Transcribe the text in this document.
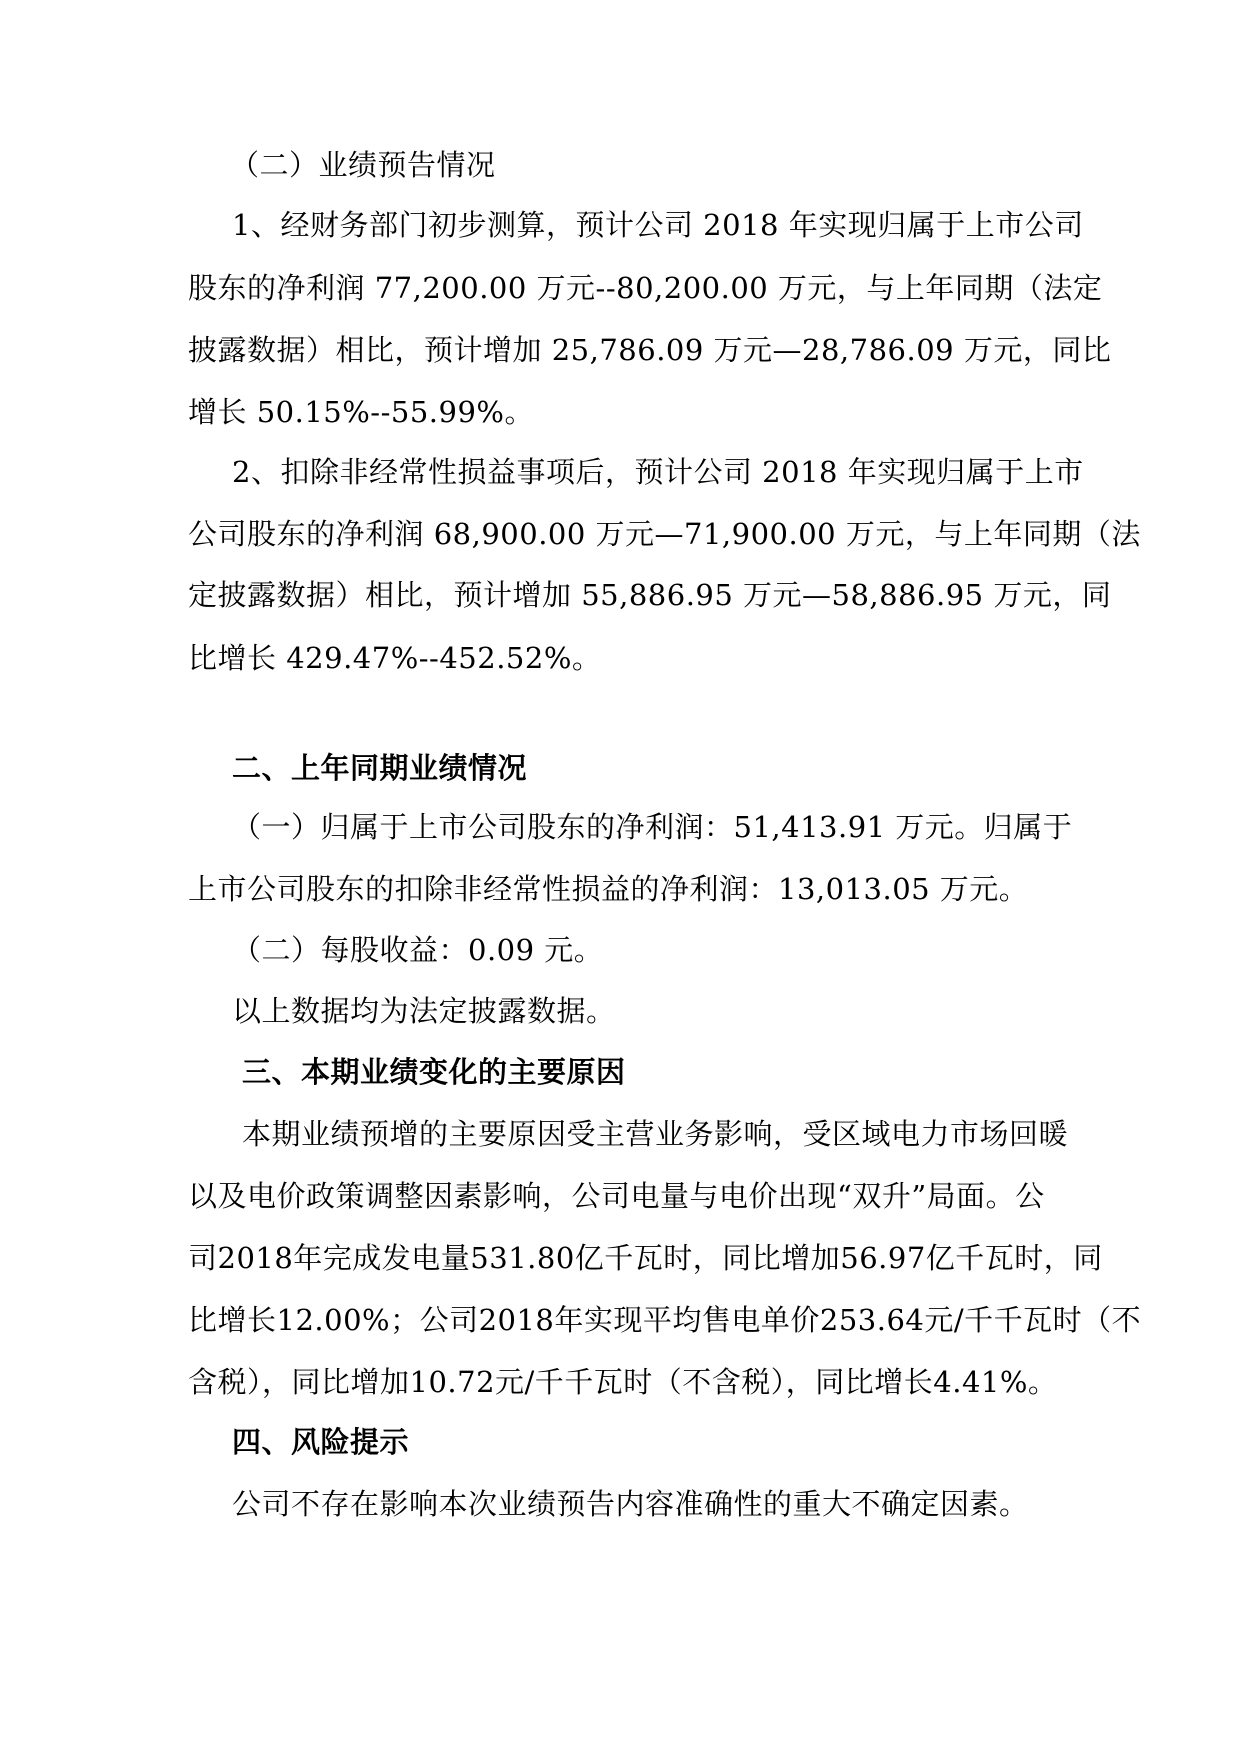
（二）业绩预告情况
1、经财务部门初步测算，预计公司 2018 年实现归属于上市公司
股东的净利润 77,200.00 万元--80,200.00 万元，与上年同期（法定
披露数据）相比，预计增加 25,786.09 万元—28,786.09 万元，同比
增长 50.15%--55.99%。
2、扣除非经常性损益事项后，预计公司 2018 年实现归属于上市
公司股东的净利润 68,900.00 万元—71,900.00 万元，与上年同期（法
定披露数据）相比，预计增加 55,886.95 万元—58,886.95 万元，同
比增长 429.47%--452.52%。
二、上年同期业绩情况
（一）归属于上市公司股东的净利润：51,413.91 万元。归属于
上市公司股东的扣除非经常性损益的净利润：13,013.05 万元。
（二）每股收益：0.09 元。
以上数据均为法定披露数据。
三、本期业绩变化的主要原因
本期业绩预增的主要原因受主营业务影响，受区域电力市场回暖
以及电价政策调整因素影响，公司电量与电价出现“双升”局面。公
司2018年完成发电量531.80亿千瓦时，同比增加56.97亿千瓦时，同
比增长12.00%；公司2018年实现平均售电单价253.64元/千千瓦时（不
含税），同比增加10.72元/千千瓦时（不含税），同比增长4.41%。
四、风险提示
公司不存在影响本次业绩预告内容准确性的重大不确定因素。
